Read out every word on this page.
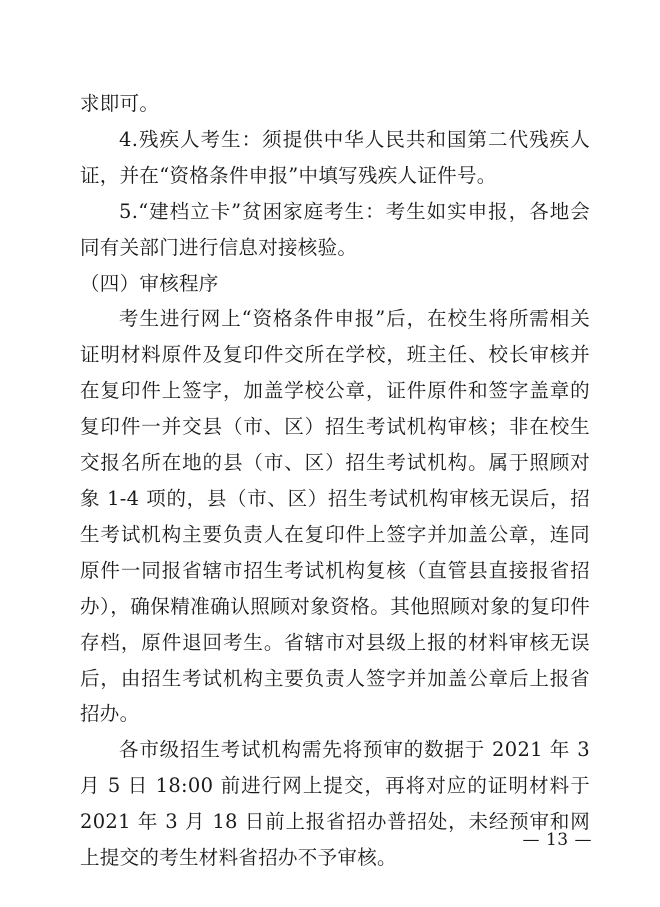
求即可。

4.残疾人考生：须提供中华人民共和国第二代残疾人证，并在“资格条件申报”中填写残疾人证件号。

5.“建档立卡”贫困家庭考生：考生如实申报，各地会同有关部门进行信息对接核验。

（四）审核程序

考生进行网上“资格条件申报”后，在校生将所需相关证明材料原件及复印件交所在学校，班主任、校长审核并在复印件上签字，加盖学校公章，证件原件和签字盖章的复印件一并交县（市、区）招生考试机构审核；非在校生交报名所在地的县（市、区）招生考试机构。属于照顾对象 1-4 项的，县（市、区）招生考试机构审核无误后，招生考试机构主要负责人在复印件上签字并加盖公章，连同原件一同报省辖市招生考试机构复核（直管县直接报省招办），确保精准确认照顾对象资格。其他照顾对象的复印件存档，原件退回考生。省辖市对县级上报的材料审核无误后，由招生考试机构主要负责人签字并加盖公章后上报省招办。

各市级招生考试机构需先将预审的数据于 2021 年 3 月 5 日 18:00 前进行网上提交，再将对应的证明材料于 2021 年 3 月 18 日前上报省招办普招处，未经预审和网上提交的考生材料省招办不予审核。

— 13 —
